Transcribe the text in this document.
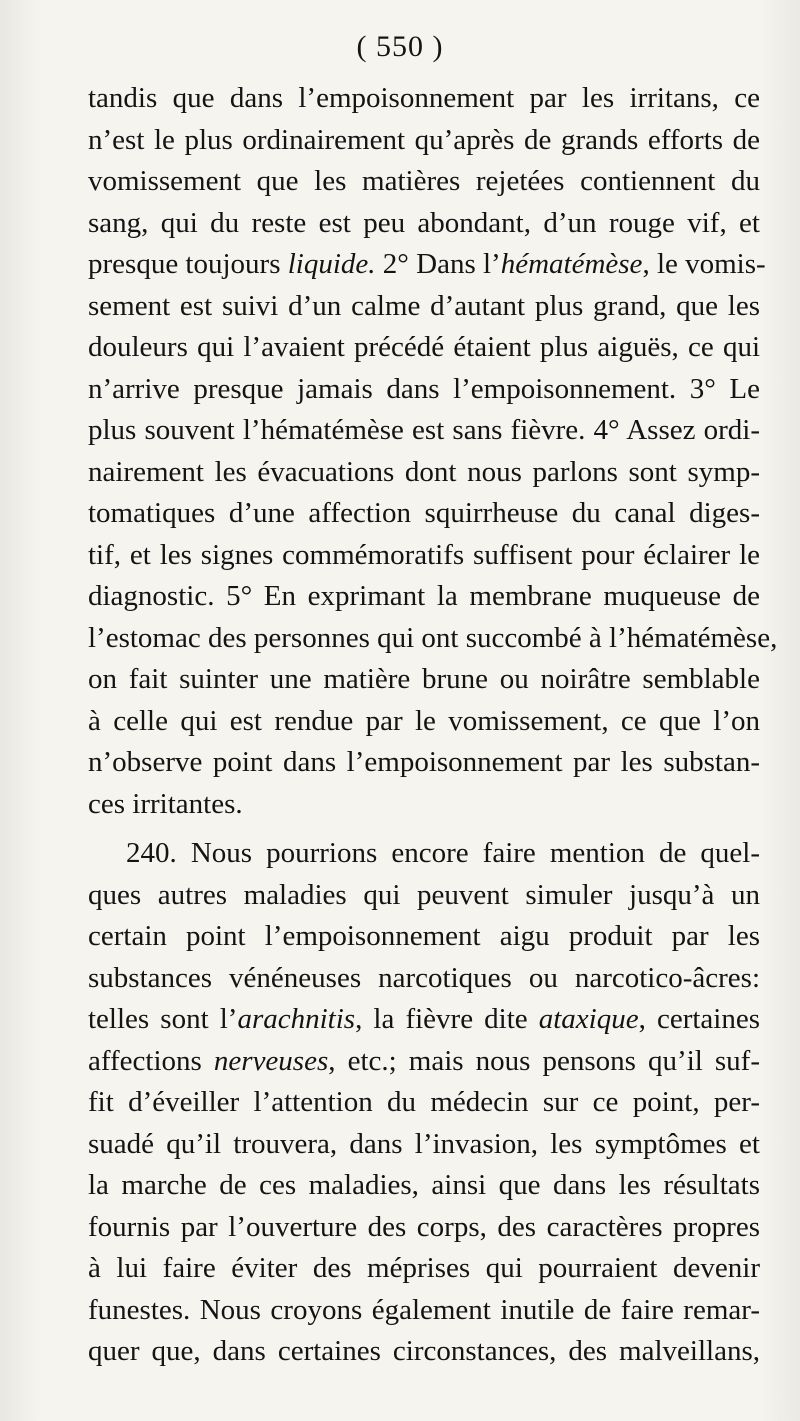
( 550 )
tandis que dans l’empoisonnement par les irritans, ce
n’est le plus ordinairement qu’après de grands efforts de
vomissement que les matières rejetées contiennent du
sang, qui du reste est peu abondant, d’un rouge vif, et
presque toujours liquide. 2° Dans l’hématémèse, le vomis-
sement est suivi d’un calme d’autant plus grand, que les
douleurs qui l’avaient précédé étaient plus aiguës, ce qui
n’arrive presque jamais dans l’empoisonnement. 3° Le
plus souvent l’hématémèse est sans fièvre. 4° Assez ordi-
nairement les évacuations dont nous parlons sont symp-
tomatiques d’une affection squirrheuse du canal diges-
tif, et les signes commémoratifs suffisent pour éclairer le
diagnostic. 5° En exprimant la membrane muqueuse de
l’estomac des personnes qui ont succombé à l’hématémèse,
on fait suinter une matière brune ou noirâtre semblable
à celle qui est rendue par le vomissement, ce que l’on
n’observe point dans l’empoisonnement par les substan-
ces irritantes.
240. Nous pourrions encore faire mention de quel-
ques autres maladies qui peuvent simuler jusqu’à un
certain point l’empoisonnement aigu produit par les
substances vénéneuses narcotiques ou narcotico-âcres:
telles sont l’arachnitis, la fièvre dite ataxique, certaines
affections nerveuses, etc.; mais nous pensons qu’il suf-
fit d’éveiller l’attention du médecin sur ce point, per-
suadé qu’il trouvera, dans l’invasion, les symptômes et
la marche de ces maladies, ainsi que dans les résultats
fournis par l’ouverture des corps, des caractères propres
à lui faire éviter des méprises qui pourraient devenir
funestes. Nous croyons également inutile de faire remar-
quer que, dans certaines circonstances, des malveillans,
